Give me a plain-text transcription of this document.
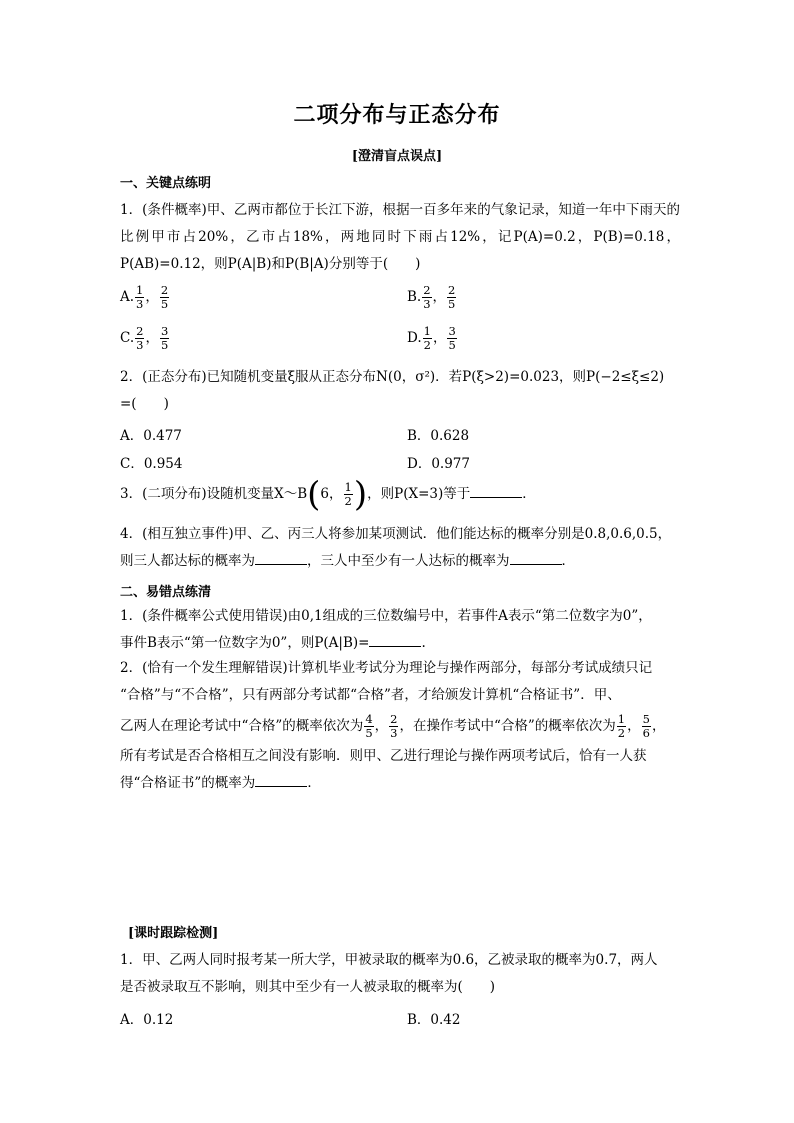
二项分布与正态分布
[澄清盲点误点]
一、关键点练明
1．(条件概率)甲、乙两市都位于长江下游，根据一百多年来的气象记录，知道一年中下雨天的比例甲市占20%，乙市占18%，两地同时下雨占12%，记P(A)=0.2，P(B)=0.18，P(AB)=0.12，则P(A|B)和P(B|A)分别等于(　　)
A. $\frac{1}{3}$ ， $\frac{2}{5}$	B. $\frac{2}{3}$ ， $\frac{2}{5}$
C. $\frac{2}{3}$ ， $\frac{3}{5}$	D. $\frac{1}{2}$ ， $\frac{3}{5}$
2．(正态分布)已知随机变量ξ服从正态分布N(0，σ²)．若P(ξ>2)=0.023，则P(−2≤ξ≤2)
=(　　)
A．0.477	B．0.628
C．0.954	D．0.977
3．(二项分布)设随机变量X～B(6， $\frac{1}{2}$ )，则P(X=3)等于	．
4．(相互独立事件)甲、乙、丙三人将参加某项测试．他们能达标的概率分别是0.8,0.6,0.5，
则三人都达标的概率为	，三人中至少有一人达标的概率为	．
二、易错点练清
1．(条件概率公式使用错误)由0,1组成的三位数编号中，若事件A表示“第二位数字为0”，
事件B表示“第一位数字为0”，则P(A|B)=	.
2．(恰有一个发生理解错误)计算机毕业考试分为理论与操作两部分，每部分考试成绩只记
“合格”与“不合格”，只有两部分考试都“合格”者，才给颁发计算机“合格证书”．甲、
乙两人在理论考试中“合格”的概率依次为 $\frac{4}{5}$ ， $\frac{2}{3}$ ，在操作考试中“合格”的概率依次为 $\frac{1}{2}$ ， $\frac{5}{6}$ ，
所有考试是否合格相互之间没有影响．则甲、乙进行理论与操作两项考试后，恰有一人获
得“合格证书”的概率为	．
[课时跟踪检测]
1．甲、乙两人同时报考某一所大学，甲被录取的概率为0.6，乙被录取的概率为0.7，两人
是否被录取互不影响，则其中至少有一人被录取的概率为(　　)
A．0.12	B．0.42
